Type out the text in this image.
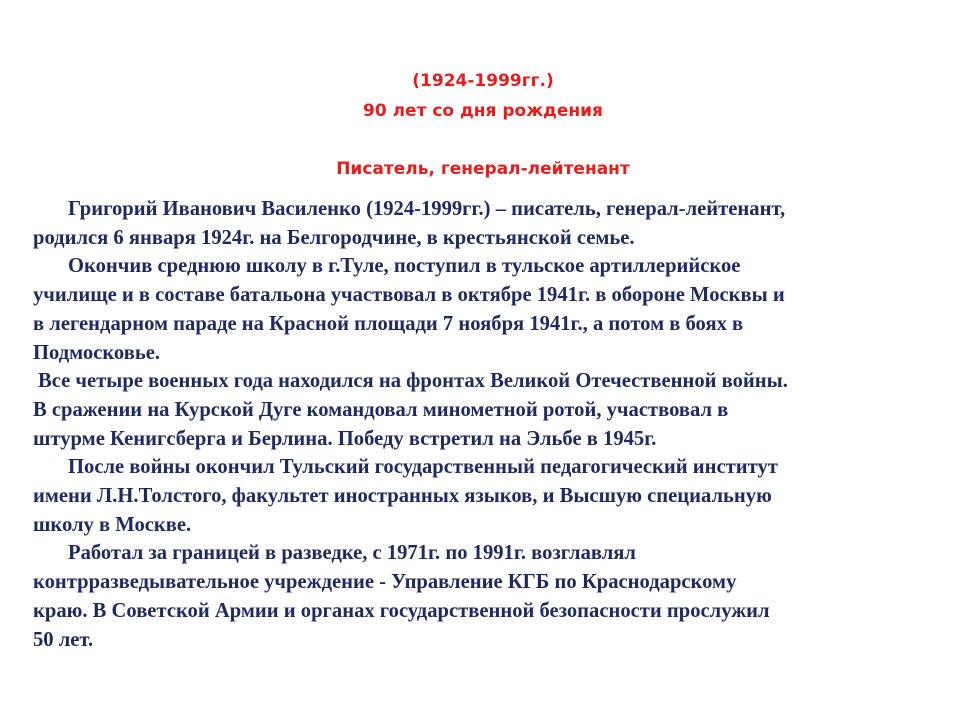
(1924-1999гг.)
90 лет со дня рождения
Писатель, генерал-лейтенант

Григорий Иванович Василенко (1924-1999гг.) – писатель, генерал-лейтенант,

родился 6 января 1924г. на Белгородчине, в крестьянской семье.

Окончив среднюю школу в г.Туле, поступил в тульское артиллерийское

училище и в составе батальона участвовал в октябре 1941г. в обороне Москвы и

в легендарном параде на Красной площади 7 ноября 1941г., а потом в боях в

Подмосковье.

Все четыре военных года находился на фронтах Великой Отечественной войны.

В сражении на Курской Дуге командовал минометной ротой, участвовал в

штурме Кенигсберга и Берлина. Победу встретил на Эльбе в 1945г.

После войны окончил Тульский государственный педагогический институт

имени Л.Н.Толстого, факультет иностранных языков, и Высшую специальную

школу в Москве.

Работал за границей в разведке, с 1971г. по 1991г. возглавлял

контрразведывательное учреждение - Управление КГБ по Краснодарскому

краю. В Советской Армии и органах государственной безопасности прослужил

50 лет.
